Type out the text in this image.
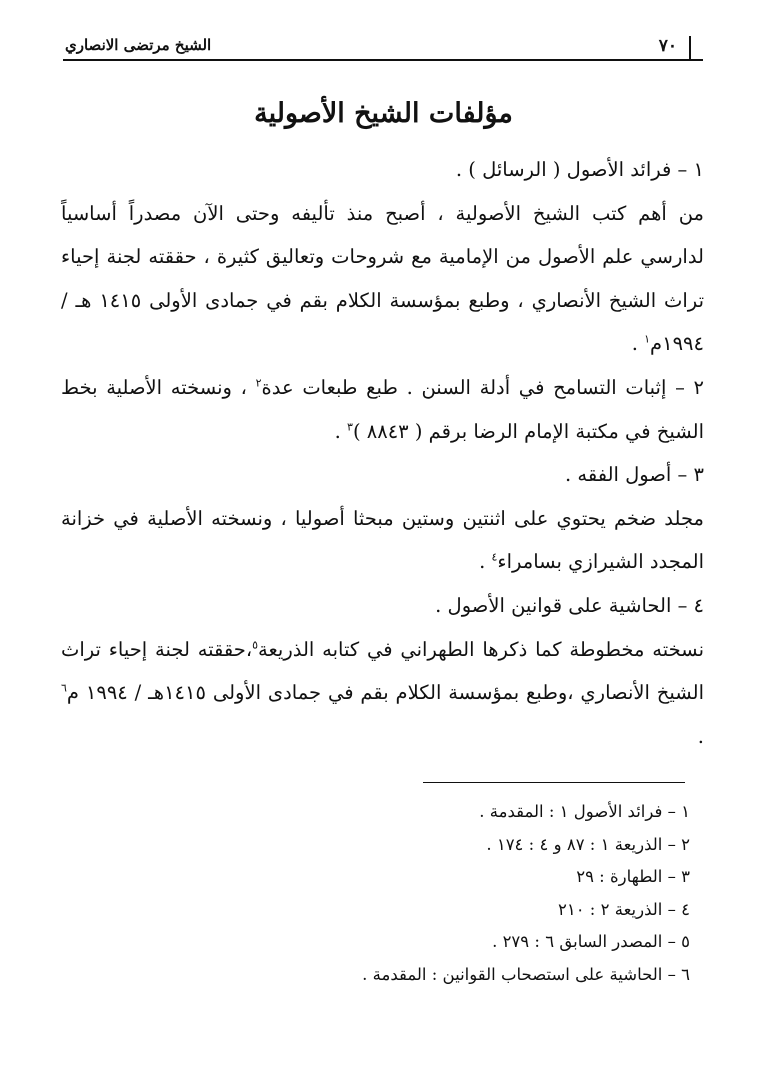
٧٠
الشيخ مرتضى الانصاري
مؤلفات الشيخ الأصولية

١ – فرائد الأصول ( الرسائل ) .

من أهم كتب الشيخ الأصولية ، أصبح منذ تأليفه وحتى الآن مصدراً أساسياً لدارسي علم الأصول من الإمامية مع شروحات وتعاليق كثيرة ، حققته لجنة إحياء تراث الشيخ الأنصاري ، وطبع بمؤسسة الكلام بقم في جمادى الأولى ١٤١٥ هـ / ١٩٩٤م$^١$ .

٢ – إثبات التسامح في أدلة السنن . طبع طبعات عدة$^٢$ ، ونسخته الأصلية بخط الشيخ في مكتبة الإمام الرضا برقم ( ٨٨٤٣ )$^٣$ .

٣ – أصول الفقه .

مجلد ضخم يحتوي على اثنتين وستين مبحثا أصوليا ، ونسخته الأصلية في خزانة المجدد الشيرازي بسامراء$^٤$ .

٤ – الحاشية على قوانين الأصول .

نسخته مخطوطة كما ذكرها الطهراني في كتابه الذريعة$^٥$،حققته لجنة إحياء تراث الشيخ الأنصاري ،وطبع بمؤسسة الكلام بقم في جمادى الأولى ١٤١٥هـ / ١٩٩٤ م$^٦$ .

١ – فرائد الأصول ١ : المقدمة .
٢ – الذريعة ١ : ٨٧ و ٤ : ١٧٤ .
٣ – الطهارة : ٢٩
٤ – الذريعة ٢ : ٢١٠
٥ – المصدر السابق ٦ : ٢٧٩ .
٦ – الحاشية على استصحاب القوانين : المقدمة .
